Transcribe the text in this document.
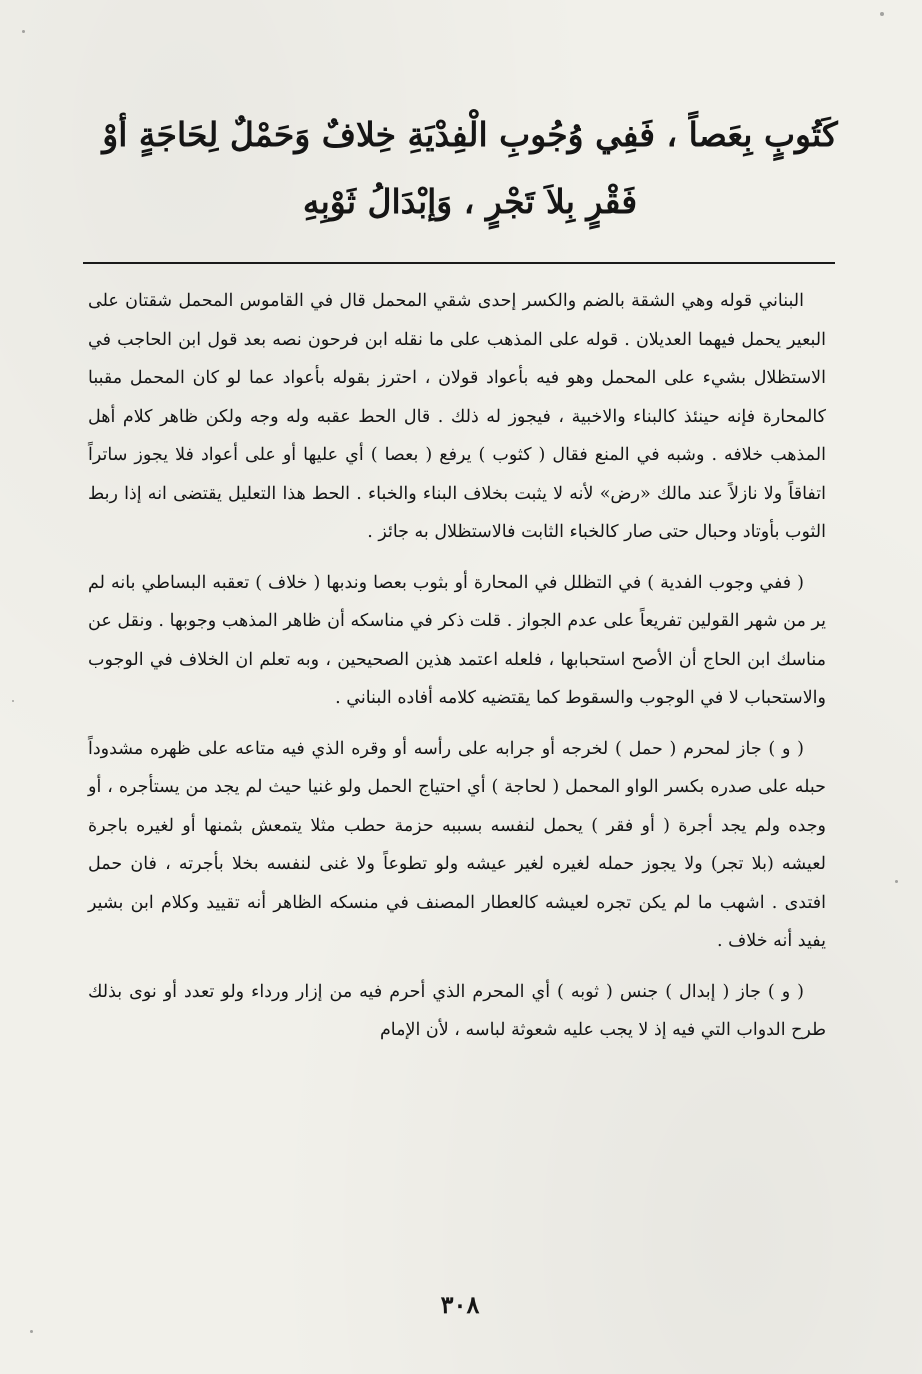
كَتُوبٍ بِعَصاً ، فَفِي وُجُوبِ الْفِدْيَةِ خِلافٌ وَحَمْلٌ لِحَاجَةٍ أوْ
فَقْرٍ بِلاَ تَجْرٍ ، وَإبْدَالُ ثَوْبِهِ

البناني قوله وهي الشقة بالضم والكسر إحدى شقي المحمل قال في القاموس المحمل شقتان على البعير يحمل فيهما العديلان . قوله على المذهب على ما نقله ابن فرحون نصه بعد قول ابن الحاجب في الاستظلال بشيء على المحمل وهو فيه بأعواد قولان ، احترز بقوله بأعواد عما لو كان المحمل مقببا كالمحارة فإنه حينئذ كالبناء والاخبية ، فيجوز له ذلك . قال الحط عقبه وله وجه ولكن ظاهر كلام أهل المذهب خلافه . وشبه في المنع فقال ( كثوب ) يرفع ( بعصا ) أي عليها أو على أعواد فلا يجوز ساتراً اتفاقاً ولا نازلاً عند مالك «رض» لأنه لا يثبت بخلاف البناء والخباء . الحط هذا التعليل يقتضى انه إذا ربط الثوب بأوتاد وحبال حتى صار كالخباء الثابت فالاستظلال به جائز .

( ففي وجوب الفدية ) في التظلل في المحارة أو بثوب بعصا وندبها ( خلاف ) تعقبه البساطي بانه لم ير من شهر القولين تفريعاً على عدم الجواز . قلت ذكر في مناسكه أن ظاهر المذهب وجوبها . ونقل عن مناسك ابن الحاج أن الأصح استحبابها ، فلعله اعتمد هذين الصحيحين ، وبه تعلم ان الخلاف في الوجوب والاستحباب لا في الوجوب والسقوط كما يقتضيه كلامه أفاده البناني .

( و ) جاز لمحرم ( حمل ) لخرجه أو جرابه على رأسه أو وقره الذي فيه متاعه على ظهره مشدوداً حبله على صدره بكسر الواو المحمل ( لحاجة ) أي احتياج الحمل ولو غنيا حيث لم يجد من يستأجره ، أو وجده ولم يجد أجرة ( أو فقر ) يحمل لنفسه بسببه حزمة حطب مثلا يتمعش بثمنها أو لغيره باجرة لعيشه (بلا تجر) ولا يجوز حمله لغيره لغير عيشه ولو تطوعاً ولا غنى لنفسه بخلا بأجرته ، فان حمل افتدى . اشهب ما لم يكن تجره لعيشه كالعطار المصنف في منسكه الظاهر أنه تقييد وكلام ابن بشير يفيد أنه خلاف .

( و ) جاز ( إبدال ) جنس ( ثوبه ) أي المحرم الذي أحرم فيه من إزار ورداء ولو تعدد أو نوى بذلك طرح الدواب التي فيه إذ لا يجب عليه شعوثة لباسه ، لأن الإمام

٣٠٨
